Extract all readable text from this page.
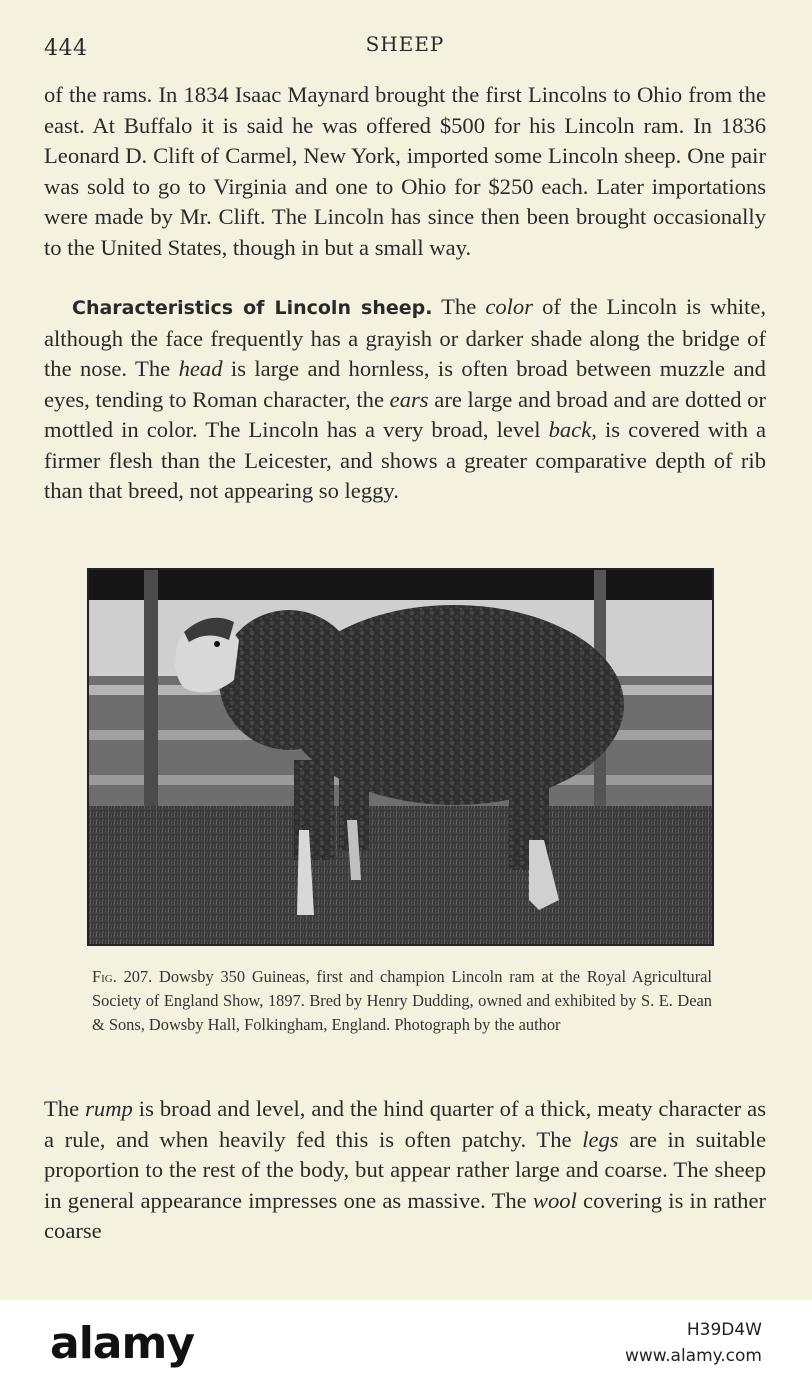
444	SHEEP

of the rams. In 1834 Isaac Maynard brought the first Lincolns to Ohio from the east. At Buffalo it is said he was offered $500 for his Lincoln ram. In 1836 Leonard D. Clift of Carmel, New York, imported some Lincoln sheep. One pair was sold to go to Virginia and one to Ohio for $250 each. Later importations were made by Mr. Clift. The Lincoln has since then been brought occasionally to the United States, though in but a small way.

Characteristics of Lincoln sheep. The color of the Lincoln is white, although the face frequently has a grayish or darker shade along the bridge of the nose. The head is large and hornless, is often broad between muzzle and eyes, tending to Roman character, the ears are large and broad and are dotted or mottled in color. The Lincoln has a very broad, level back, is covered with a firmer flesh than the Leicester, and shows a greater comparative depth of rib than that breed, not appearing so leggy.

Fig. 207. Dowsby 350 Guineas, first and champion Lincoln ram at the Royal Agricultural Society of England Show, 1897. Bred by Henry Dudding, owned and exhibited by S. E. Dean & Sons, Dowsby Hall, Folkingham, England. Photograph by the author

The rump is broad and level, and the hind quarter of a thick, meaty character as a rule, and when heavily fed this is often patchy. The legs are in suitable proportion to the rest of the body, but appear rather large and coarse. The sheep in general appearance impresses one as massive. The wool covering is in rather coarse

alamy	H39D4W
www.alamy.com
